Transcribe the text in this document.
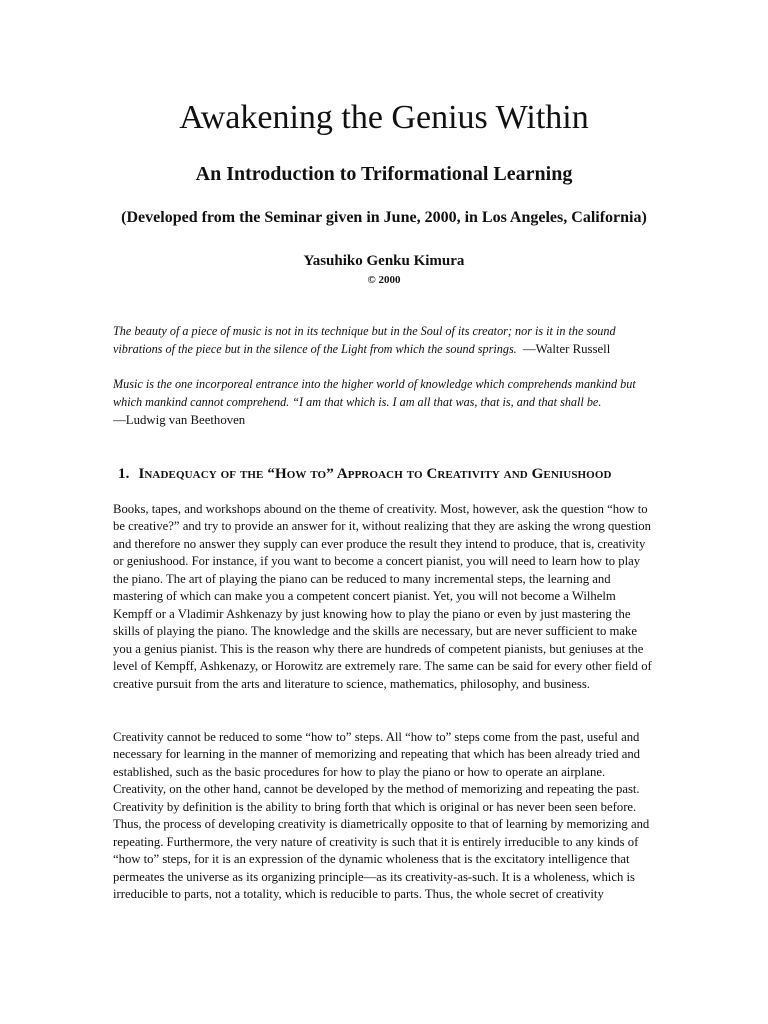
Awakening the Genius Within
An Introduction to Triformational Learning

(Developed from the Seminar given in June, 2000, in Los Angeles, California)

Yasuhiko Genku Kimura
© 2000

The beauty of a piece of music is not in its technique but in the Soul of its creator; nor is it in the sound vibrations of the piece but in the silence of the Light from which the sound springs. —Walter Russell

Music is the one incorporeal entrance into the higher world of knowledge which comprehends mankind but which mankind cannot comprehend. “I am that which is. I am all that was, that is, and that shall be.
—Ludwig van Beethoven

1. Inadequacy of the “How to” Approach to Creativity and Geniushood

Books, tapes, and workshops abound on the theme of creativity. Most, however, ask the question “how to be creative?” and try to provide an answer for it, without realizing that they are asking the wrong question and therefore no answer they supply can ever produce the result they intend to produce, that is, creativity or geniushood. For instance, if you want to become a concert pianist, you will need to learn how to play the piano. The art of playing the piano can be reduced to many incremental steps, the learning and mastering of which can make you a competent concert pianist. Yet, you will not become a Wilhelm Kempff or a Vladimir Ashkenazy by just knowing how to play the piano or even by just mastering the skills of playing the piano. The knowledge and the skills are necessary, but are never sufficient to make you a genius pianist. This is the reason why there are hundreds of competent pianists, but geniuses at the level of Kempff, Ashkenazy, or Horowitz are extremely rare. The same can be said for every other field of creative pursuit from the arts and literature to science, mathematics, philosophy, and business.

Creativity cannot be reduced to some “how to” steps. All “how to” steps come from the past, useful and necessary for learning in the manner of memorizing and repeating that which has been already tried and established, such as the basic procedures for how to play the piano or how to operate an airplane. Creativity, on the other hand, cannot be developed by the method of memorizing and repeating the past. Creativity by definition is the ability to bring forth that which is original or has never been seen before. Thus, the process of developing creativity is diametrically opposite to that of learning by memorizing and repeating. Furthermore, the very nature of creativity is such that it is entirely irreducible to any kinds of “how to” steps, for it is an expression of the dynamic wholeness that is the excitatory intelligence that permeates the universe as its organizing principle—as its creativity-as-such. It is a wholeness, which is irreducible to parts, not a totality, which is reducible to parts. Thus, the whole secret of creativity
